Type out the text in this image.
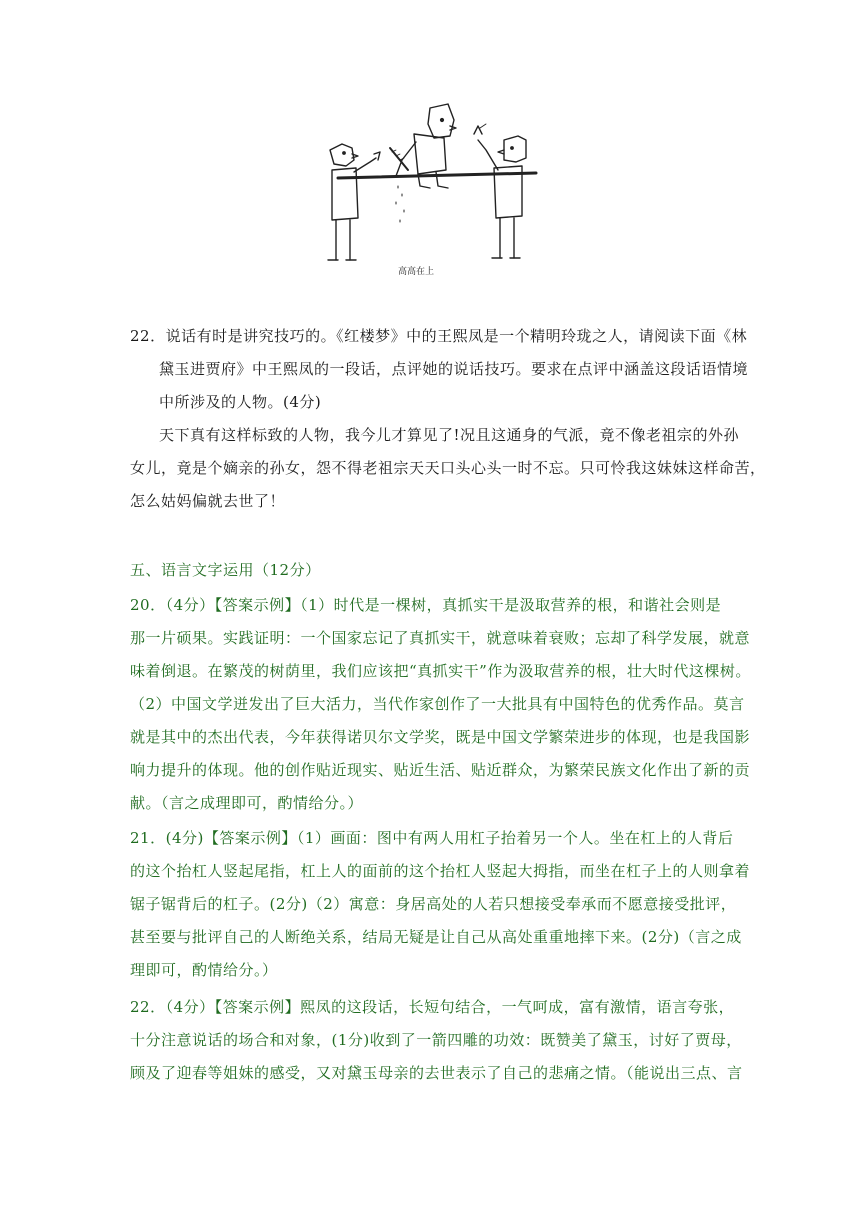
高高在上
22．说话有时是讲究技巧的。《红楼梦》中的王熙凤是一个精明玲珑之人，请阅读下面《林
黛玉进贾府》中王熙凤的一段话，点评她的说话技巧。要求在点评中涵盖这段话语情境
中所涉及的人物。(4分)
天下真有这样标致的人物，我今儿才算见了!况且这通身的气派，竟不像老祖宗的外孙
女儿，竟是个嫡亲的孙女，怨不得老祖宗天天口头心头一时不忘。只可怜我这妹妹这样命苦，
怎么姑妈偏就去世了！
五、语言文字运用（12分）
20．（4分）【答案示例】（1）时代是一棵树，真抓实干是汲取营养的根，和谐社会则是
那一片硕果。实践证明：一个国家忘记了真抓实干，就意味着衰败；忘却了科学发展，就意
味着倒退。在繁茂的树荫里，我们应该把“真抓实干”作为汲取营养的根，壮大时代这棵树。
（2）中国文学迸发出了巨大活力，当代作家创作了一大批具有中国特色的优秀作品。莫言
就是其中的杰出代表，今年获得诺贝尔文学奖，既是中国文学繁荣进步的体现，也是我国影
响力提升的体现。他的创作贴近现实、贴近生活、贴近群众，为繁荣民族文化作出了新的贡
献。（言之成理即可，酌情给分。）
21．(4分)【答案示例】（1）画面：图中有两人用杠子抬着另一个人。坐在杠上的人背后
的这个抬杠人竖起尾指，杠上人的面前的这个抬杠人竖起大拇指，而坐在杠子上的人则拿着
锯子锯背后的杠子。(2分)（2）寓意：身居高处的人若只想接受奉承而不愿意接受批评，
甚至要与批评自己的人断绝关系，结局无疑是让自己从高处重重地摔下来。(2分)（言之成
理即可，酌情给分。）
22．（4分）【答案示例】熙凤的这段话，长短句结合，一气呵成，富有激情，语言夸张，
十分注意说话的场合和对象，(1分)收到了一箭四雕的功效：既赞美了黛玉，讨好了贾母，
顾及了迎春等姐妹的感受，又对黛玉母亲的去世表示了自己的悲痛之情。（能说出三点、言
